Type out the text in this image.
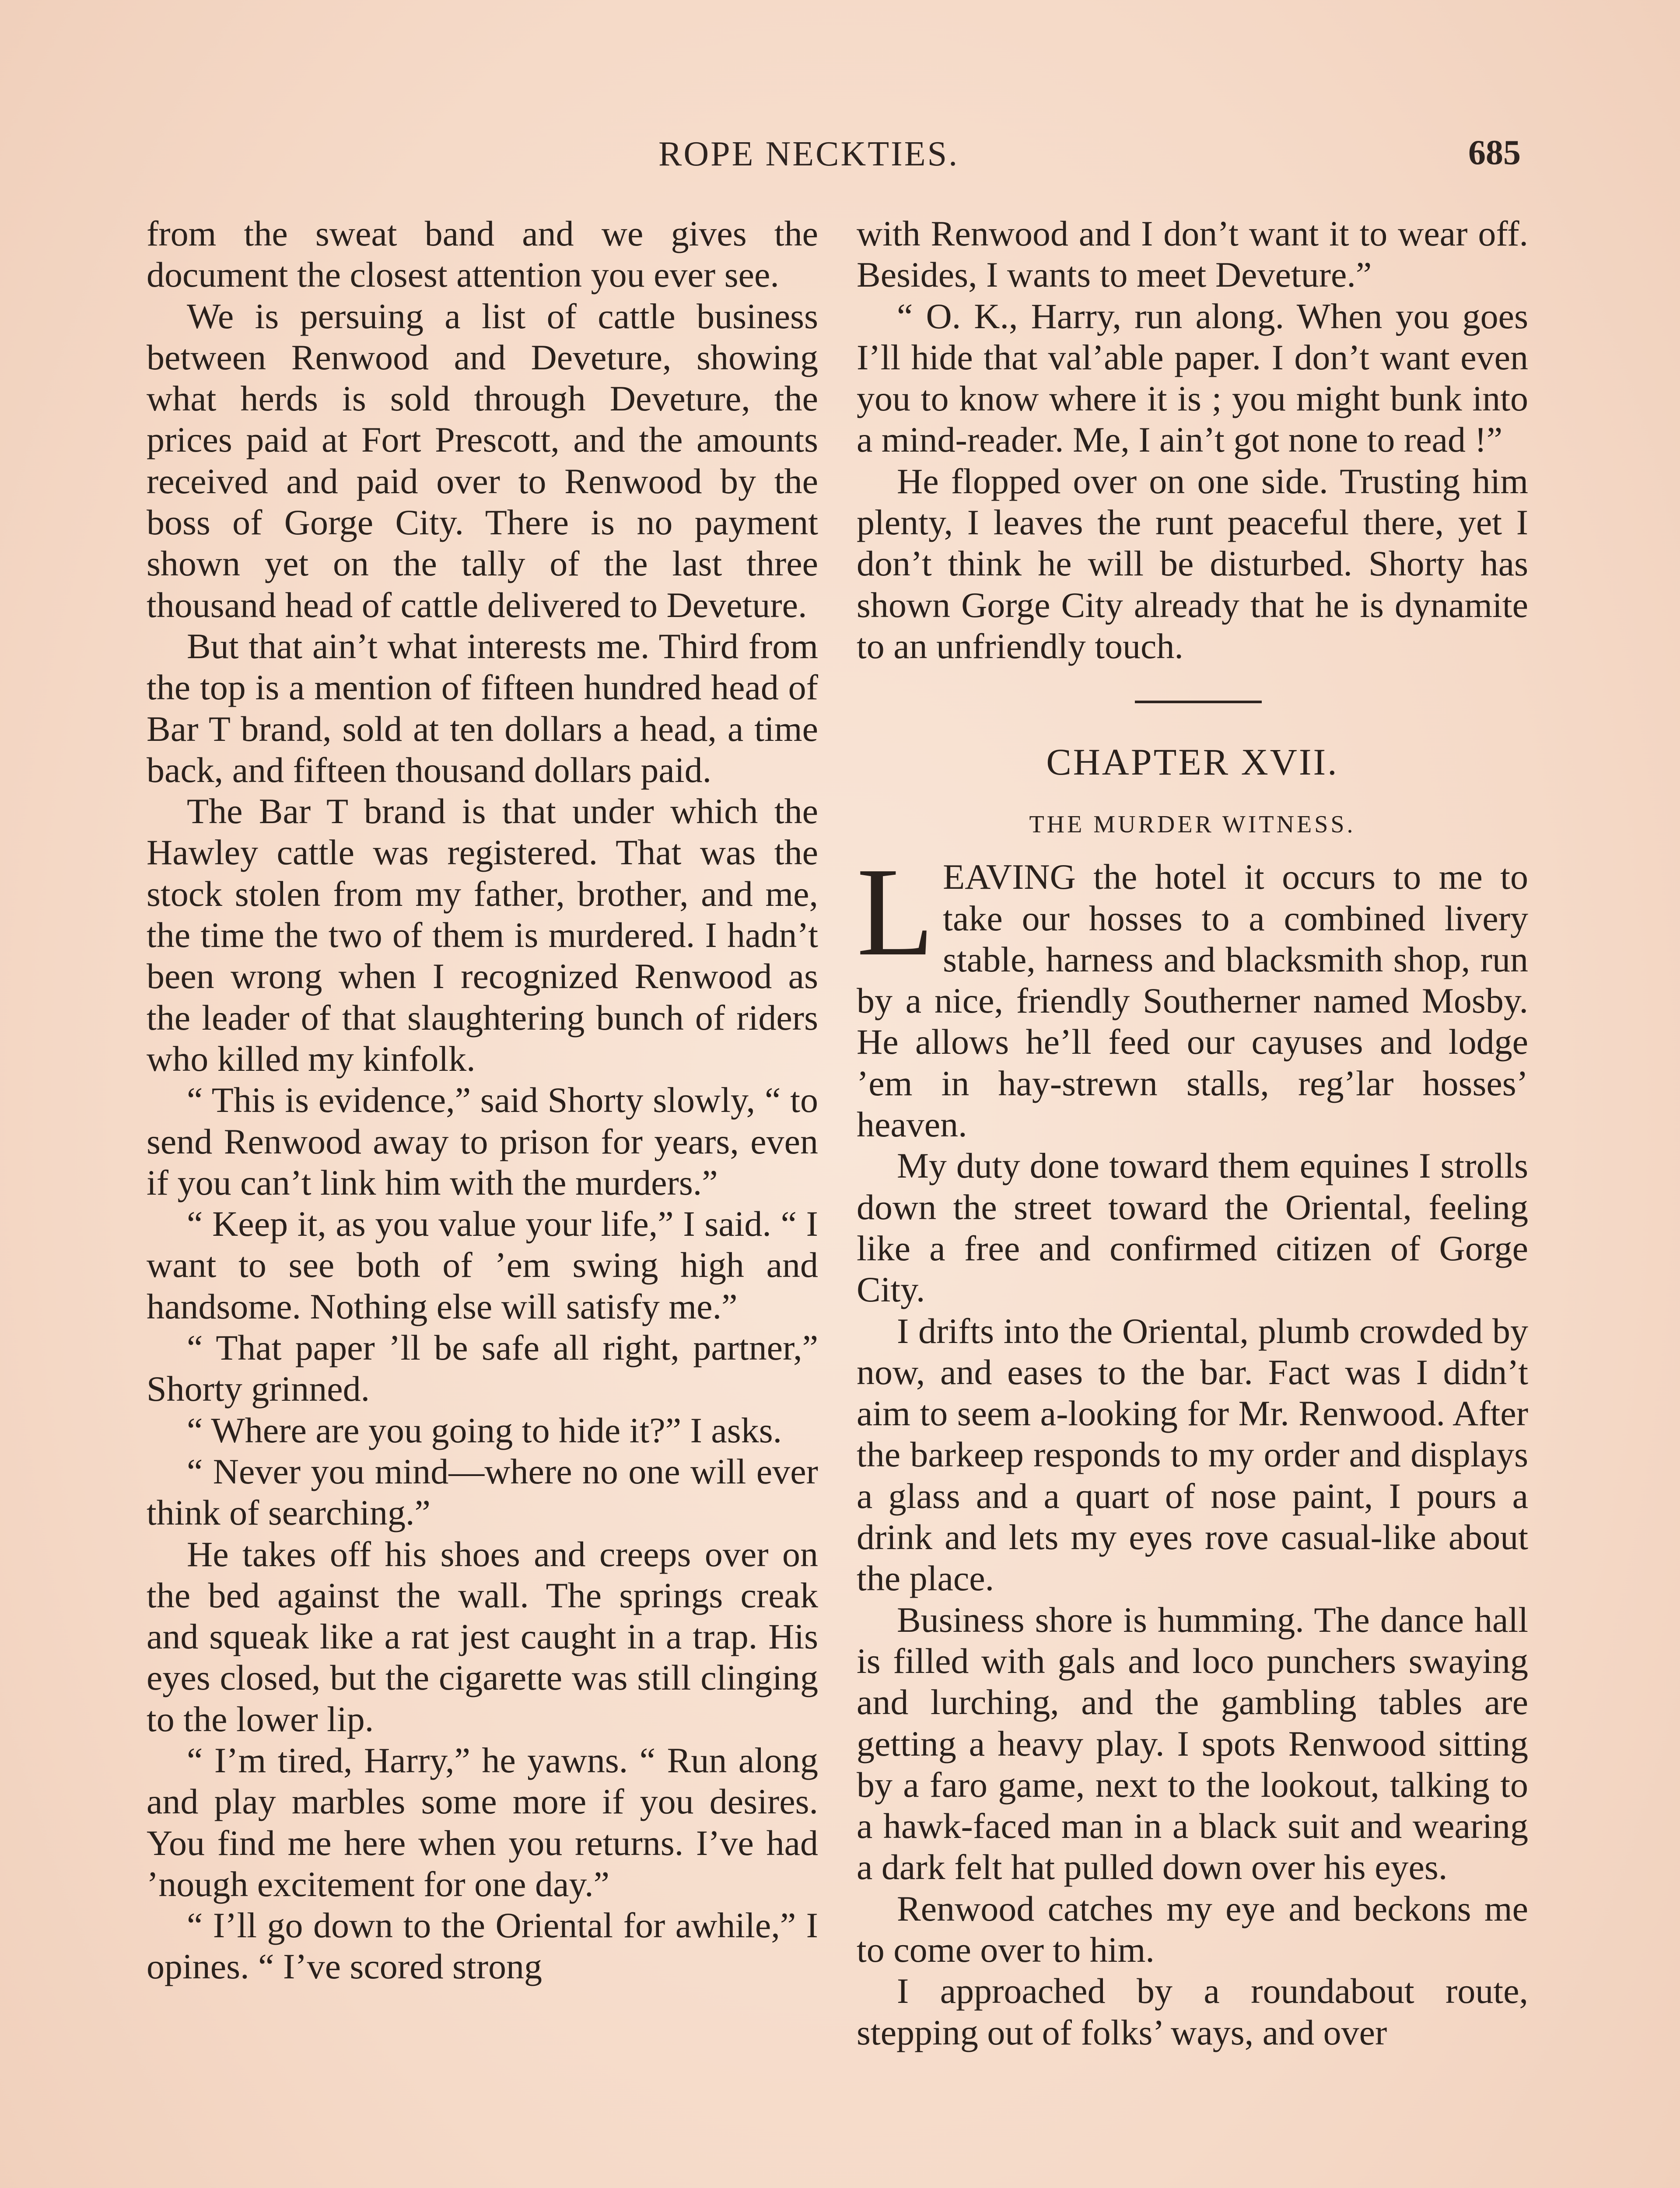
ROPE NECKTIES.	685

from the sweat band and we gives the document the closest attention you ever see.

We is persuing a list of cattle business between Renwood and Deveture, showing what herds is sold through Deveture, the prices paid at Fort Prescott, and the amounts received and paid over to Renwood by the boss of Gorge City. There is no payment shown yet on the tally of the last three thousand head of cattle delivered to Deveture.

But that ain’t what interests me. Third from the top is a mention of fifteen hundred head of Bar T brand, sold at ten dollars a head, a time back, and fifteen thousand dollars paid.

The Bar T brand is that under which the Hawley cattle was registered. That was the stock stolen from my father, brother, and me, the time the two of them is murdered. I hadn’t been wrong when I recognized Renwood as the leader of that slaughtering bunch of riders who killed my kinfolk.

“ This is evidence,” said Shorty slowly, “ to send Renwood away to prison for years, even if you can’t link him with the murders.”

“ Keep it, as you value your life,” I said. “ I want to see both of ’em swing high and handsome. Nothing else will satisfy me.”

“ That paper ’ll be safe all right, partner,” Shorty grinned.

“ Where are you going to hide it?” I asks.

“ Never you mind—where no one will ever think of searching.”

He takes off his shoes and creeps over on the bed against the wall. The springs creak and squeak like a rat jest caught in a trap. His eyes closed, but the cigarette was still clinging to the lower lip.

“ I’m tired, Harry,” he yawns. “ Run along and play marbles some more if you desires. You find me here when you returns. I’ve had ’nough excitement for one day.”

“ I’ll go down to the Oriental for awhile,” I opines. “ I’ve scored strong

with Renwood and I don’t want it to wear off. Besides, I wants to meet Deveture.”

“ O. K., Harry, run along. When you goes I’ll hide that val’able paper. I don’t want even you to know where it is ; you might bunk into a mind-reader. Me, I ain’t got none to read !”

He flopped over on one side. Trusting him plenty, I leaves the runt peaceful there, yet I don’t think he will be disturbed. Shorty has shown Gorge City already that he is dynamite to an unfriendly touch.

CHAPTER XVII.
THE MURDER WITNESS.

LEAVING the hotel it occurs to me to take our hosses to a combined livery stable, harness and blacksmith shop, run by a nice, friendly Southerner named Mosby. He allows he’ll feed our cayuses and lodge ’em in hay-strewn stalls, reg’lar hosses’ heaven.

My duty done toward them equines I strolls down the street toward the Oriental, feeling like a free and confirmed citizen of Gorge City.

I drifts into the Oriental, plumb crowded by now, and eases to the bar. Fact was I didn’t aim to seem a-looking for Mr. Renwood. After the barkeep responds to my order and displays a glass and a quart of nose paint, I pours a drink and lets my eyes rove casual-like about the place.

Business shore is humming. The dance hall is filled with gals and loco punchers swaying and lurching, and the gambling tables are getting a heavy play. I spots Renwood sitting by a faro game, next to the lookout, talking to a hawk-faced man in a black suit and wearing a dark felt hat pulled down over his eyes.

Renwood catches my eye and beckons me to come over to him.

I approached by a roundabout route, stepping out of folks’ ways, and over
